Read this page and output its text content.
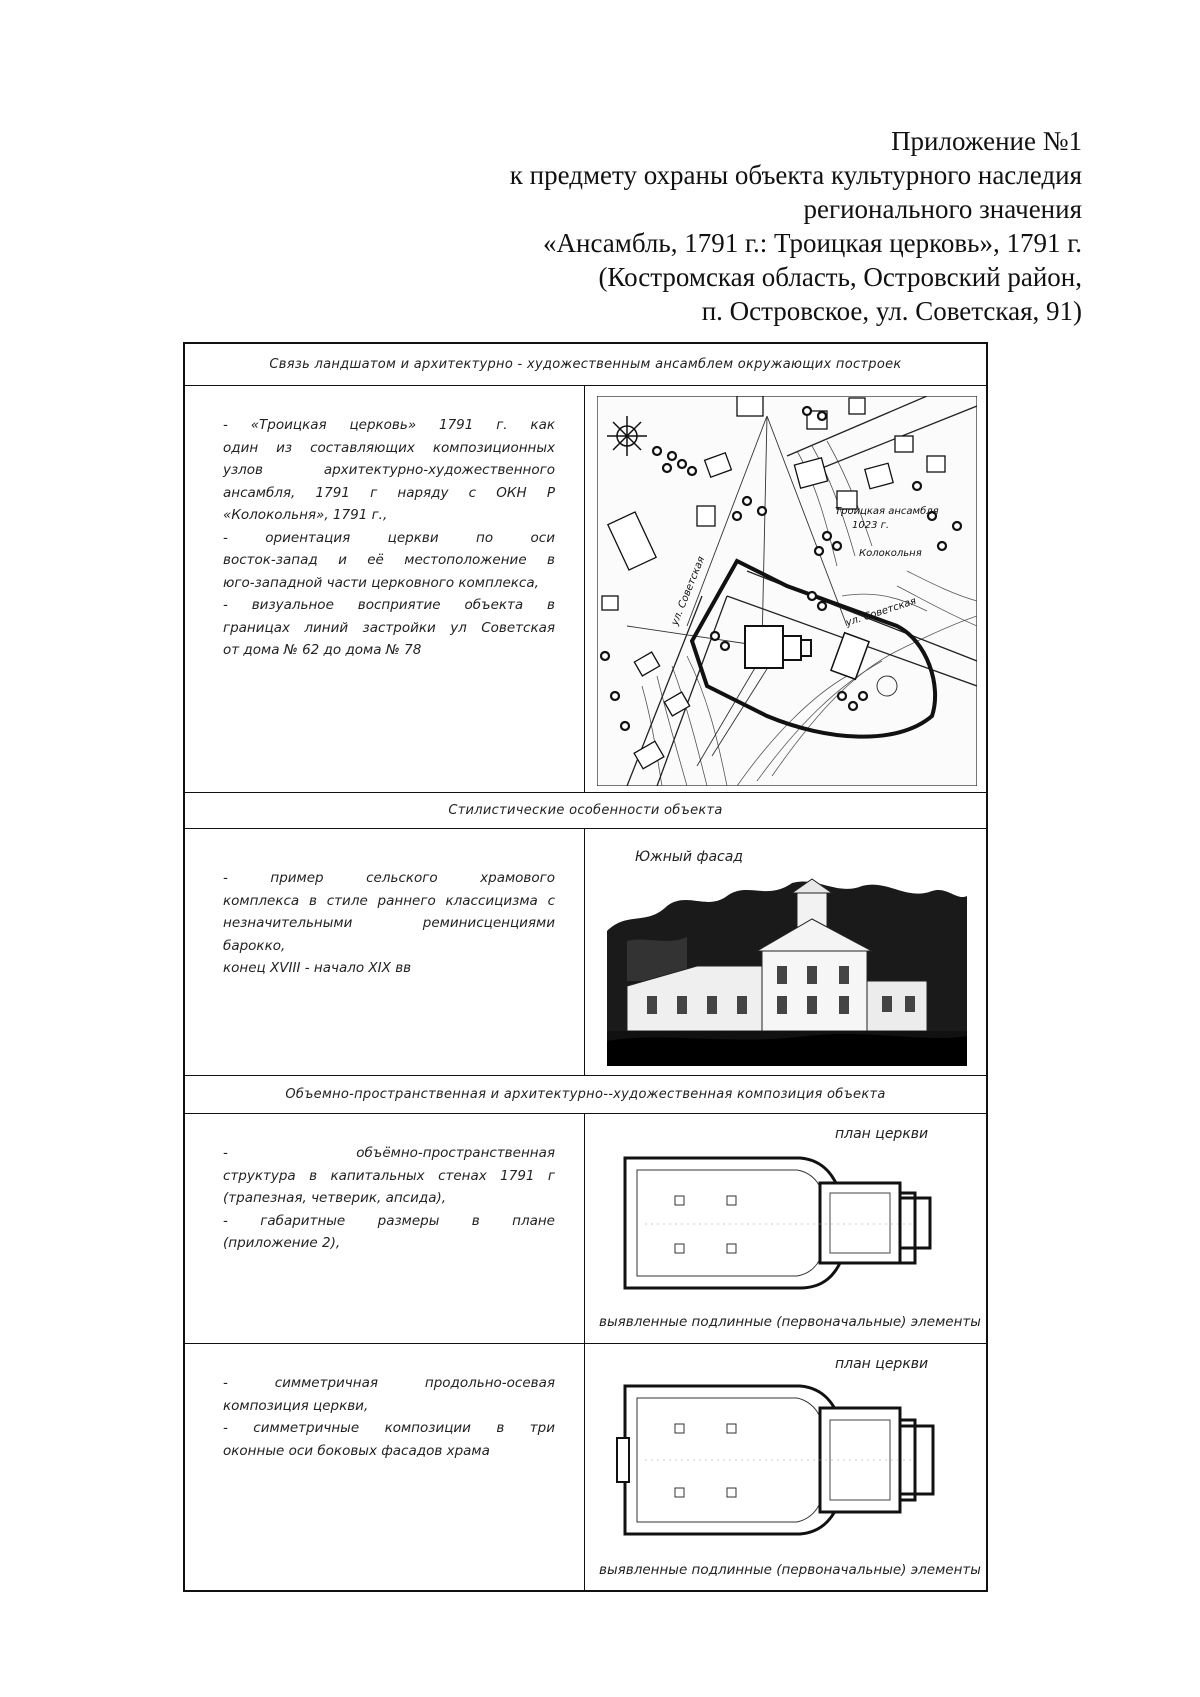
Приложение №1
к предмету охраны объекта культурного наследия
регионального значения
«Ансамбль, 1791 г.: Троицкая церковь», 1791 г.
(Костромская область, Островский район,
п. Островское, ул. Советская, 91)
Связь ландшатом и архитектурно - художественным ансамблем окружающих построек

- «Троицкая церковь» 1791 г. как

один из составляющих композиционных

узлов архитектурно-художественного

ансамбля, 1791 г наряду с ОКН Р

«Колокольня», 1791 г.,

- ориентация церкви по оси

восток-запад и её местоположение в

юго-западной части церковного комплекса,

- визуальное восприятие объекта в

границах линий застройки ул Советская

от дома № 62 до дома № 78

Троицкая ансамбля
1023 г.
Колокольня
ул. Советская	ул. Советская
Стилистические особенности объекта

- пример сельского храмового

комплекса в стиле раннего классицизма с

незначительными реминисценциями барокко,

конец XVIII - начало XIX вв

Южный фасад
Объемно-пространственная и архитектурно--художественная композиция объекта

- объёмно-пространственная

структура в капитальных стенах 1791 г

(трапезная, четверик, апсида),

- габаритные размеры в плане

(приложение 2),

план церкви
выявленные подлинные (первоначальные) элементы

- симметричная продольно-осевая

композиция церкви,

- симметричные композиции в три

оконные оси боковых фасадов храма

план церкви
выявленные подлинные (первоначальные) элементы
